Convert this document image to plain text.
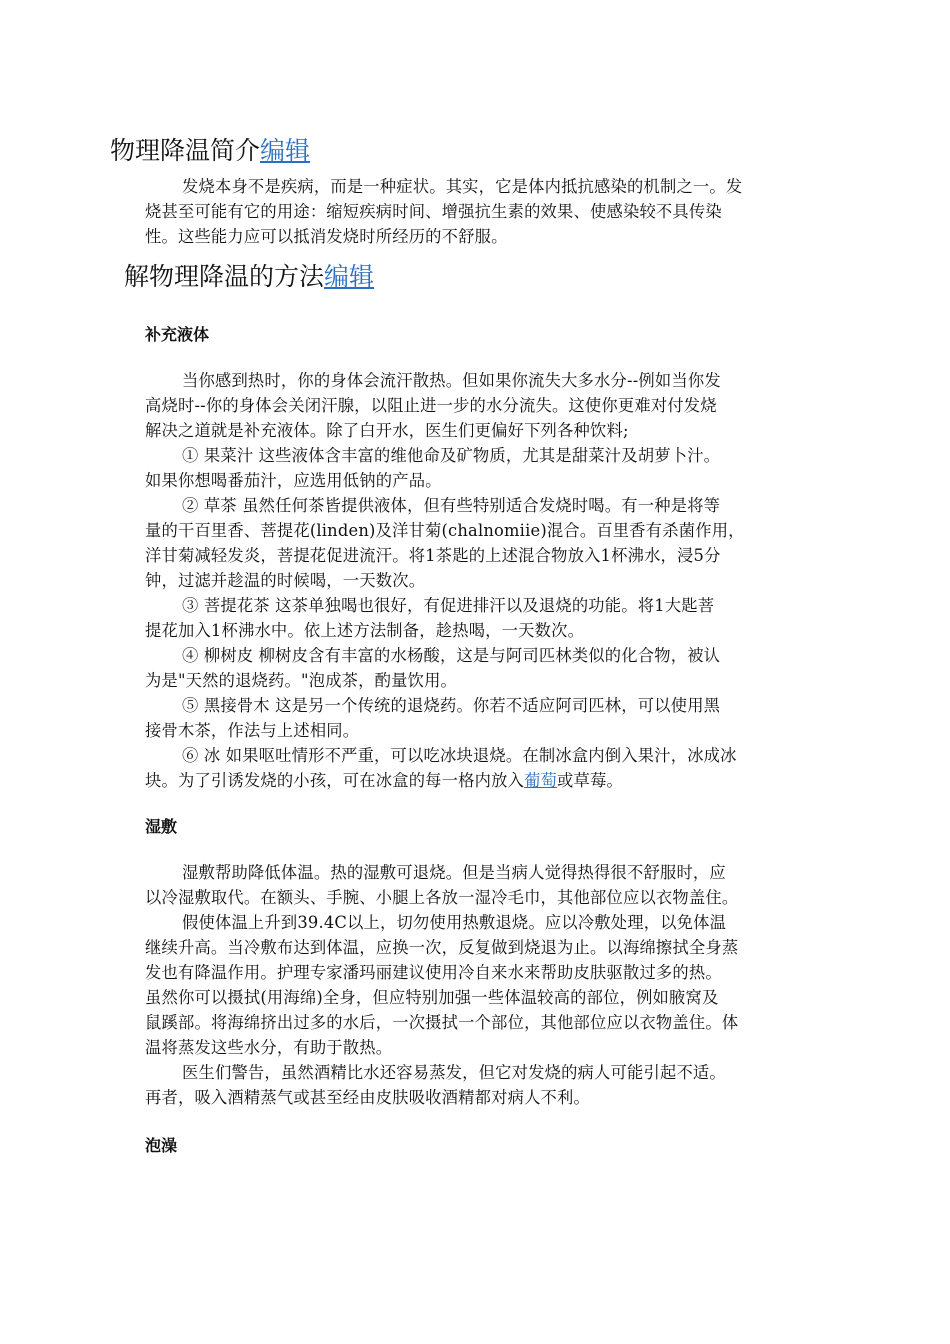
物理降温简介编辑
发烧本身不是疾病，而是一种症状。其实，它是体内抵抗感染的机制之一。发
烧甚至可能有它的用途：缩短疾病时间、增强抗生素的效果、使感染较不具传染
性。这些能力应可以抵消发烧时所经历的不舒服。
解物理降温的方法编辑
补充液体
当你感到热时，你的身体会流汗散热。但如果你流失大多水分--例如当你发
高烧时--你的身体会关闭汗腺，以阻止进一步的水分流失。这使你更难对付发烧
解决之道就是补充液体。除了白开水，医生们更偏好下列各种饮料;
① 果菜汁 这些液体含丰富的维他命及矿物质，尤其是甜菜汁及胡萝卜汁。
如果你想喝番茄汁，应选用低钠的产品。
② 草茶 虽然任何茶皆提供液体，但有些特别适合发烧时喝。有一种是将等
量的干百里香、菩提花(linden)及洋甘菊(chalnomiie)混合。百里香有杀菌作用，
洋甘菊减轻发炎，菩提花促进流汗。将1茶匙的上述混合物放入1杯沸水，浸5分
钟，过滤并趁温的时候喝，一天数次。
③ 菩提花茶 这茶单独喝也很好，有促进排汗以及退烧的功能。将1大匙菩
提花加入1杯沸水中。依上述方法制备，趁热喝，一天数次。
④ 柳树皮 柳树皮含有丰富的水杨酸，这是与阿司匹林类似的化合物，被认
为是"天然的退烧药。"泡成茶，酌量饮用。
⑤ 黑接骨木 这是另一个传统的退烧药。你若不适应阿司匹林，可以使用黑
接骨木茶，作法与上述相同。
⑥ 冰 如果呕吐情形不严重，可以吃冰块退烧。在制冰盒内倒入果汁，冰成冰
块。为了引诱发烧的小孩，可在冰盒的每一格内放入葡萄或草莓。
湿敷
湿敷帮助降低体温。热的湿敷可退烧。但是当病人觉得热得很不舒服时，应
以冷湿敷取代。在额头、手腕、小腿上各放一湿冷毛巾，其他部位应以衣物盖住。
假使体温上升到39.4C以上，切勿使用热敷退烧。应以冷敷处理，以免体温
继续升高。当冷敷布达到体温，应换一次，反复做到烧退为止。以海绵擦拭全身蒸
发也有降温作用。护理专家潘玛丽建议使用冷自来水来帮助皮肤驱散过多的热。
虽然你可以摄拭(用海绵)全身，但应特别加强一些体温较高的部位，例如腋窝及
鼠蹊部。将海绵挤出过多的水后，一次摄拭一个部位，其他部位应以衣物盖住。体
温将蒸发这些水分，有助于散热。
医生们警告，虽然酒精比水还容易蒸发，但它对发烧的病人可能引起不适。
再者，吸入酒精蒸气或甚至经由皮肤吸收酒精都对病人不利。
泡澡
